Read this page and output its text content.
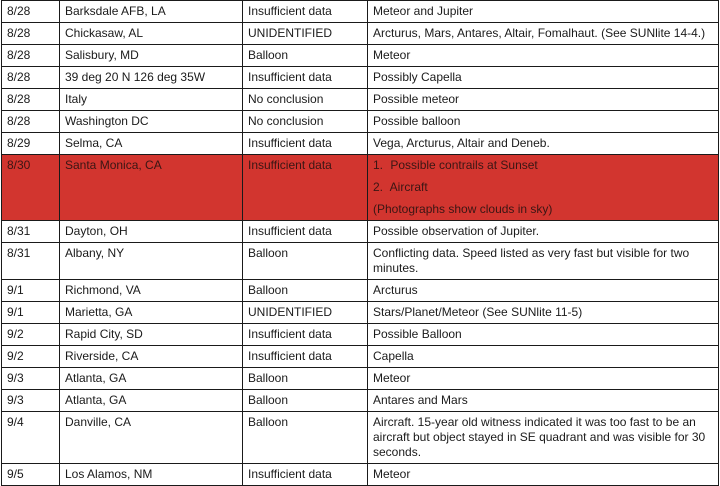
8/28	Barksdale AFB, LA	Insufficient data	Meteor and Jupiter
8/28	Chickasaw, AL	UNIDENTIFIED	Arcturus, Mars, Antares, Altair, Fomalhaut. (See SUNlite 14-4.)
8/28	Salisbury, MD	Balloon	Meteor
8/28	39 deg 20 N 126 deg 35W	Insufficient data	Possibly Capella
8/28	Italy	No conclusion	Possible meteor
8/28	Washington DC	No conclusion	Possible balloon
8/29	Selma, CA	Insufficient data	Vega, Arcturus, Altair and Deneb.
8/30	Santa Monica, CA	Insufficient data	1. Possible contrails at Sunset
2. Aircraft
(Photographs show clouds in sky)

8/31	Dayton, OH	Insufficient data	Possible observation of Jupiter.
8/31	Albany, NY	Balloon	Conflicting data. Speed listed as very fast but visible for two minutes.
9/1	Richmond, VA	Balloon	Arcturus
9/1	Marietta, GA	UNIDENTIFIED	Stars/Planet/Meteor (See SUNlite 11-5)
9/2	Rapid City, SD	Insufficient data	Possible Balloon
9/2	Riverside, CA	Insufficient data	Capella
9/3	Atlanta, GA	Balloon	Meteor
9/3	Atlanta, GA	Balloon	Antares and Mars
9/4	Danville, CA	Balloon	Aircraft. 15-year old witness indicated it was too fast to be an aircraft but object stayed in SE quadrant and was visible for 30 seconds.
9/5	Los Alamos, NM	Insufficient data	Meteor
